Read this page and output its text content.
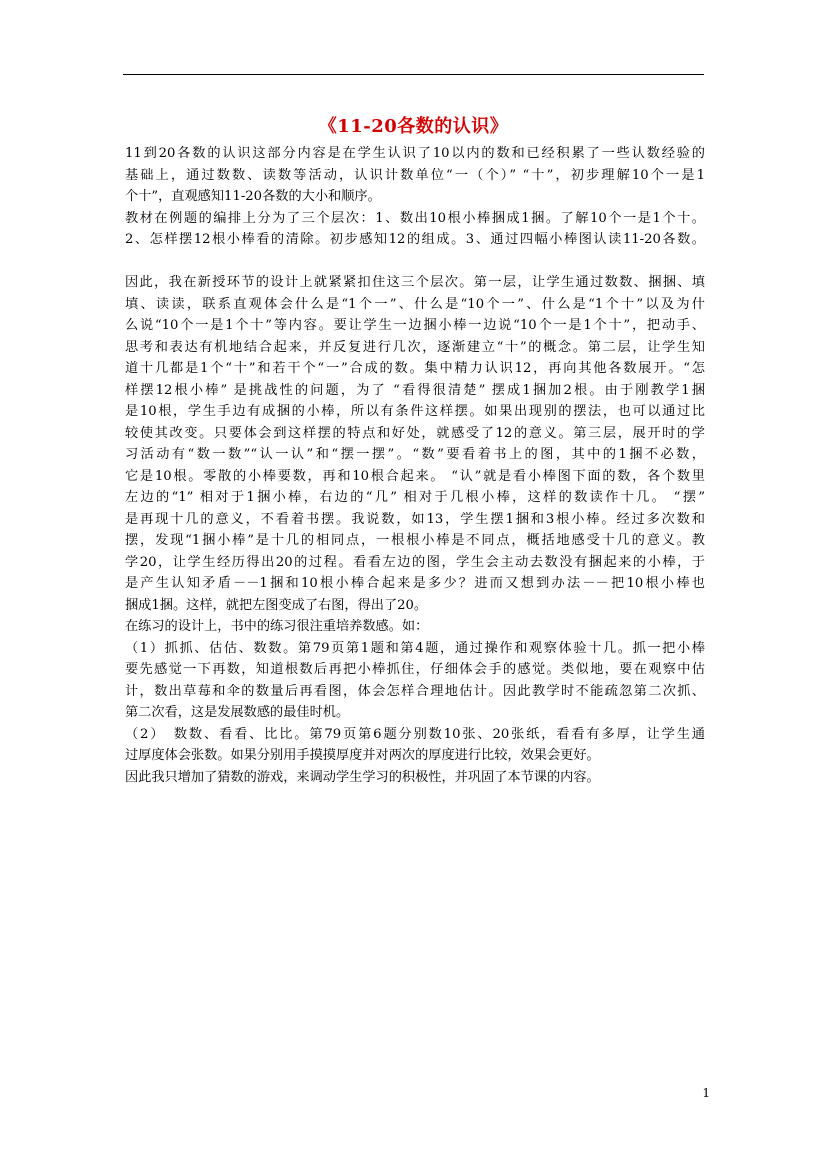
《11-20各数的认识》
11到20各数的认识这部分内容是在学生认识了10以内的数和已经积累了一些认数经验的
基础上，通过数数、读数等活动，认识计数单位“一（个）” “十”，初步理解10个一是1
个十”，直观感知11-20各数的大小和顺序。
教材在例题的编排上分为了三个层次：1、数出10根小棒捆成1捆。了解10个一是1个十。
2、怎样摆12根小棒看的清除。初步感知12的组成。3、通过四幅小棒图认读11-20各数。
因此，我在新授环节的设计上就紧紧扣住这三个层次。第一层，让学生通过数数、捆捆、填
填、读读，联系直观体会什么是“1个一”、什么是“10个一”、什么是“1个十”以及为什
么说“10个一是1个十”等内容。要让学生一边捆小棒一边说“10个一是1个十”，把动手、
思考和表达有机地结合起来，并反复进行几次，逐渐建立“十”的概念。第二层，让学生知
道十几都是1个“十”和若干个“一”合成的数。集中精力认识12，再向其他各数展开。“怎
样摆12根小棒” 是挑战性的问题，为了 “看得很清楚” 摆成1捆加2根。由于刚教学1捆
是10根，学生手边有成捆的小棒，所以有条件这样摆。如果出现别的摆法，也可以通过比
较使其改变。只要体会到这样摆的特点和好处，就感受了12的意义。第三层，展开时的学
习活动有“数一数”“认一认”和“摆一摆”。“数”要看着书上的图，其中的1捆不必数，
它是10根。零散的小棒要数，再和10根合起来。 “认”就是看小棒图下面的数，各个数里
左边的“1” 相对于1捆小棒，右边的“几” 相对于几根小棒，这样的数读作十几。 “摆”
是再现十几的意义，不看着书摆。我说数，如13，学生摆1捆和3根小棒。经过多次数和
摆，发现“1捆小棒”是十几的相同点，一根根小棒是不同点，概括地感受十几的意义。教
学20，让学生经历得出20的过程。看看左边的图，学生会主动去数没有捆起来的小棒，于
是产生认知矛盾－－1捆和10根小棒合起来是多少？进而又想到办法－－把10根小棒也
捆成1捆。这样，就把左图变成了右图，得出了20。
在练习的设计上，书中的练习很注重培养数感。如：
（1）抓抓、估估、数数。第79页第1题和第4题，通过操作和观察体验十几。抓一把小棒
要先感觉一下再数，知道根数后再把小棒抓住，仔细体会手的感觉。类似地，要在观察中估
计，数出草莓和伞的数量后再看图，体会怎样合理地估计。因此教学时不能疏忽第二次抓、
第二次看，这是发展数感的最佳时机。
（2）　数数、看看、比比。第79页第6题分别数10张、20张纸，看看有多厚，让学生通
过厚度体会张数。如果分别用手摸摸厚度并对两次的厚度进行比较，效果会更好。
因此我只增加了猜数的游戏，来调动学生学习的积极性，并巩固了本节课的内容。
1
